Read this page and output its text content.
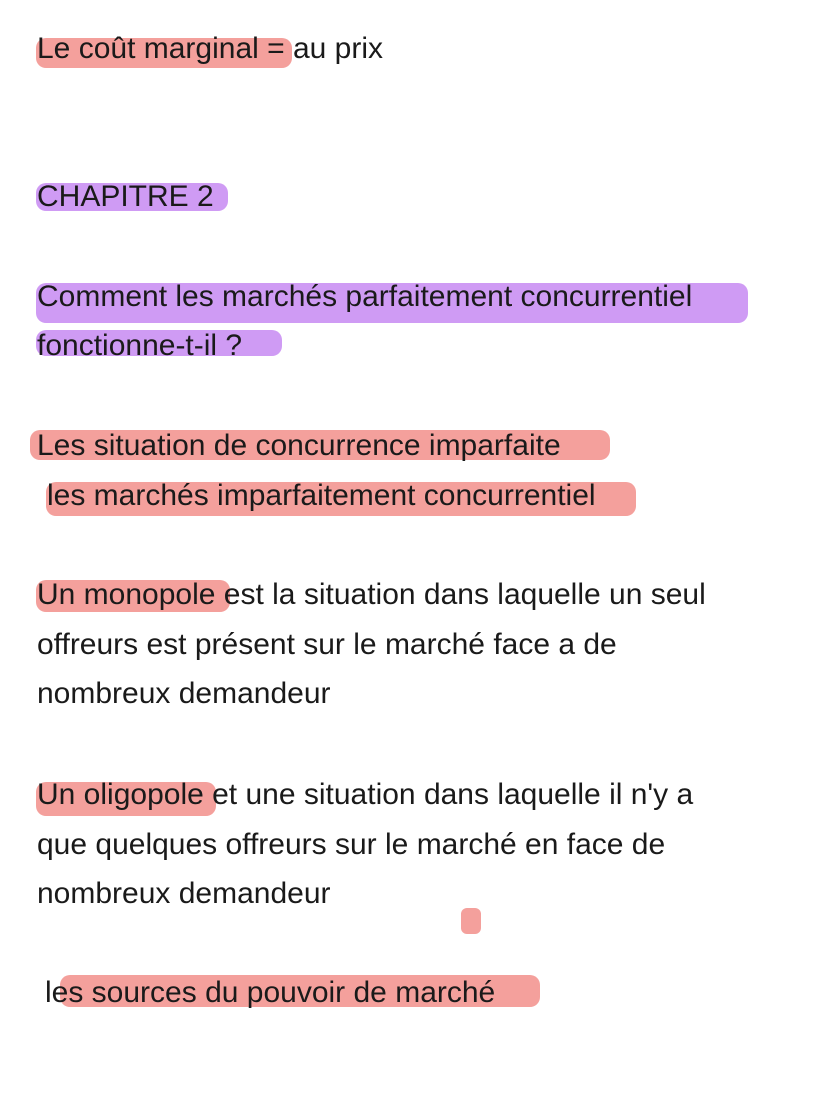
Le coût marginal = au prix
CHAPITRE 2
Comment les marchés parfaitement concurrentiel
fonctionne-t-il ?
Les situation de concurrence imparfaite
les marchés imparfaitement concurrentiel
Un monopole est la situation dans laquelle un seul
offreurs est présent sur le marché face a de
nombreux demandeur
Un oligopole et une situation dans laquelle il n'y a
que quelques offreurs sur le marché en face de
nombreux demandeur
les sources du pouvoir de marché
